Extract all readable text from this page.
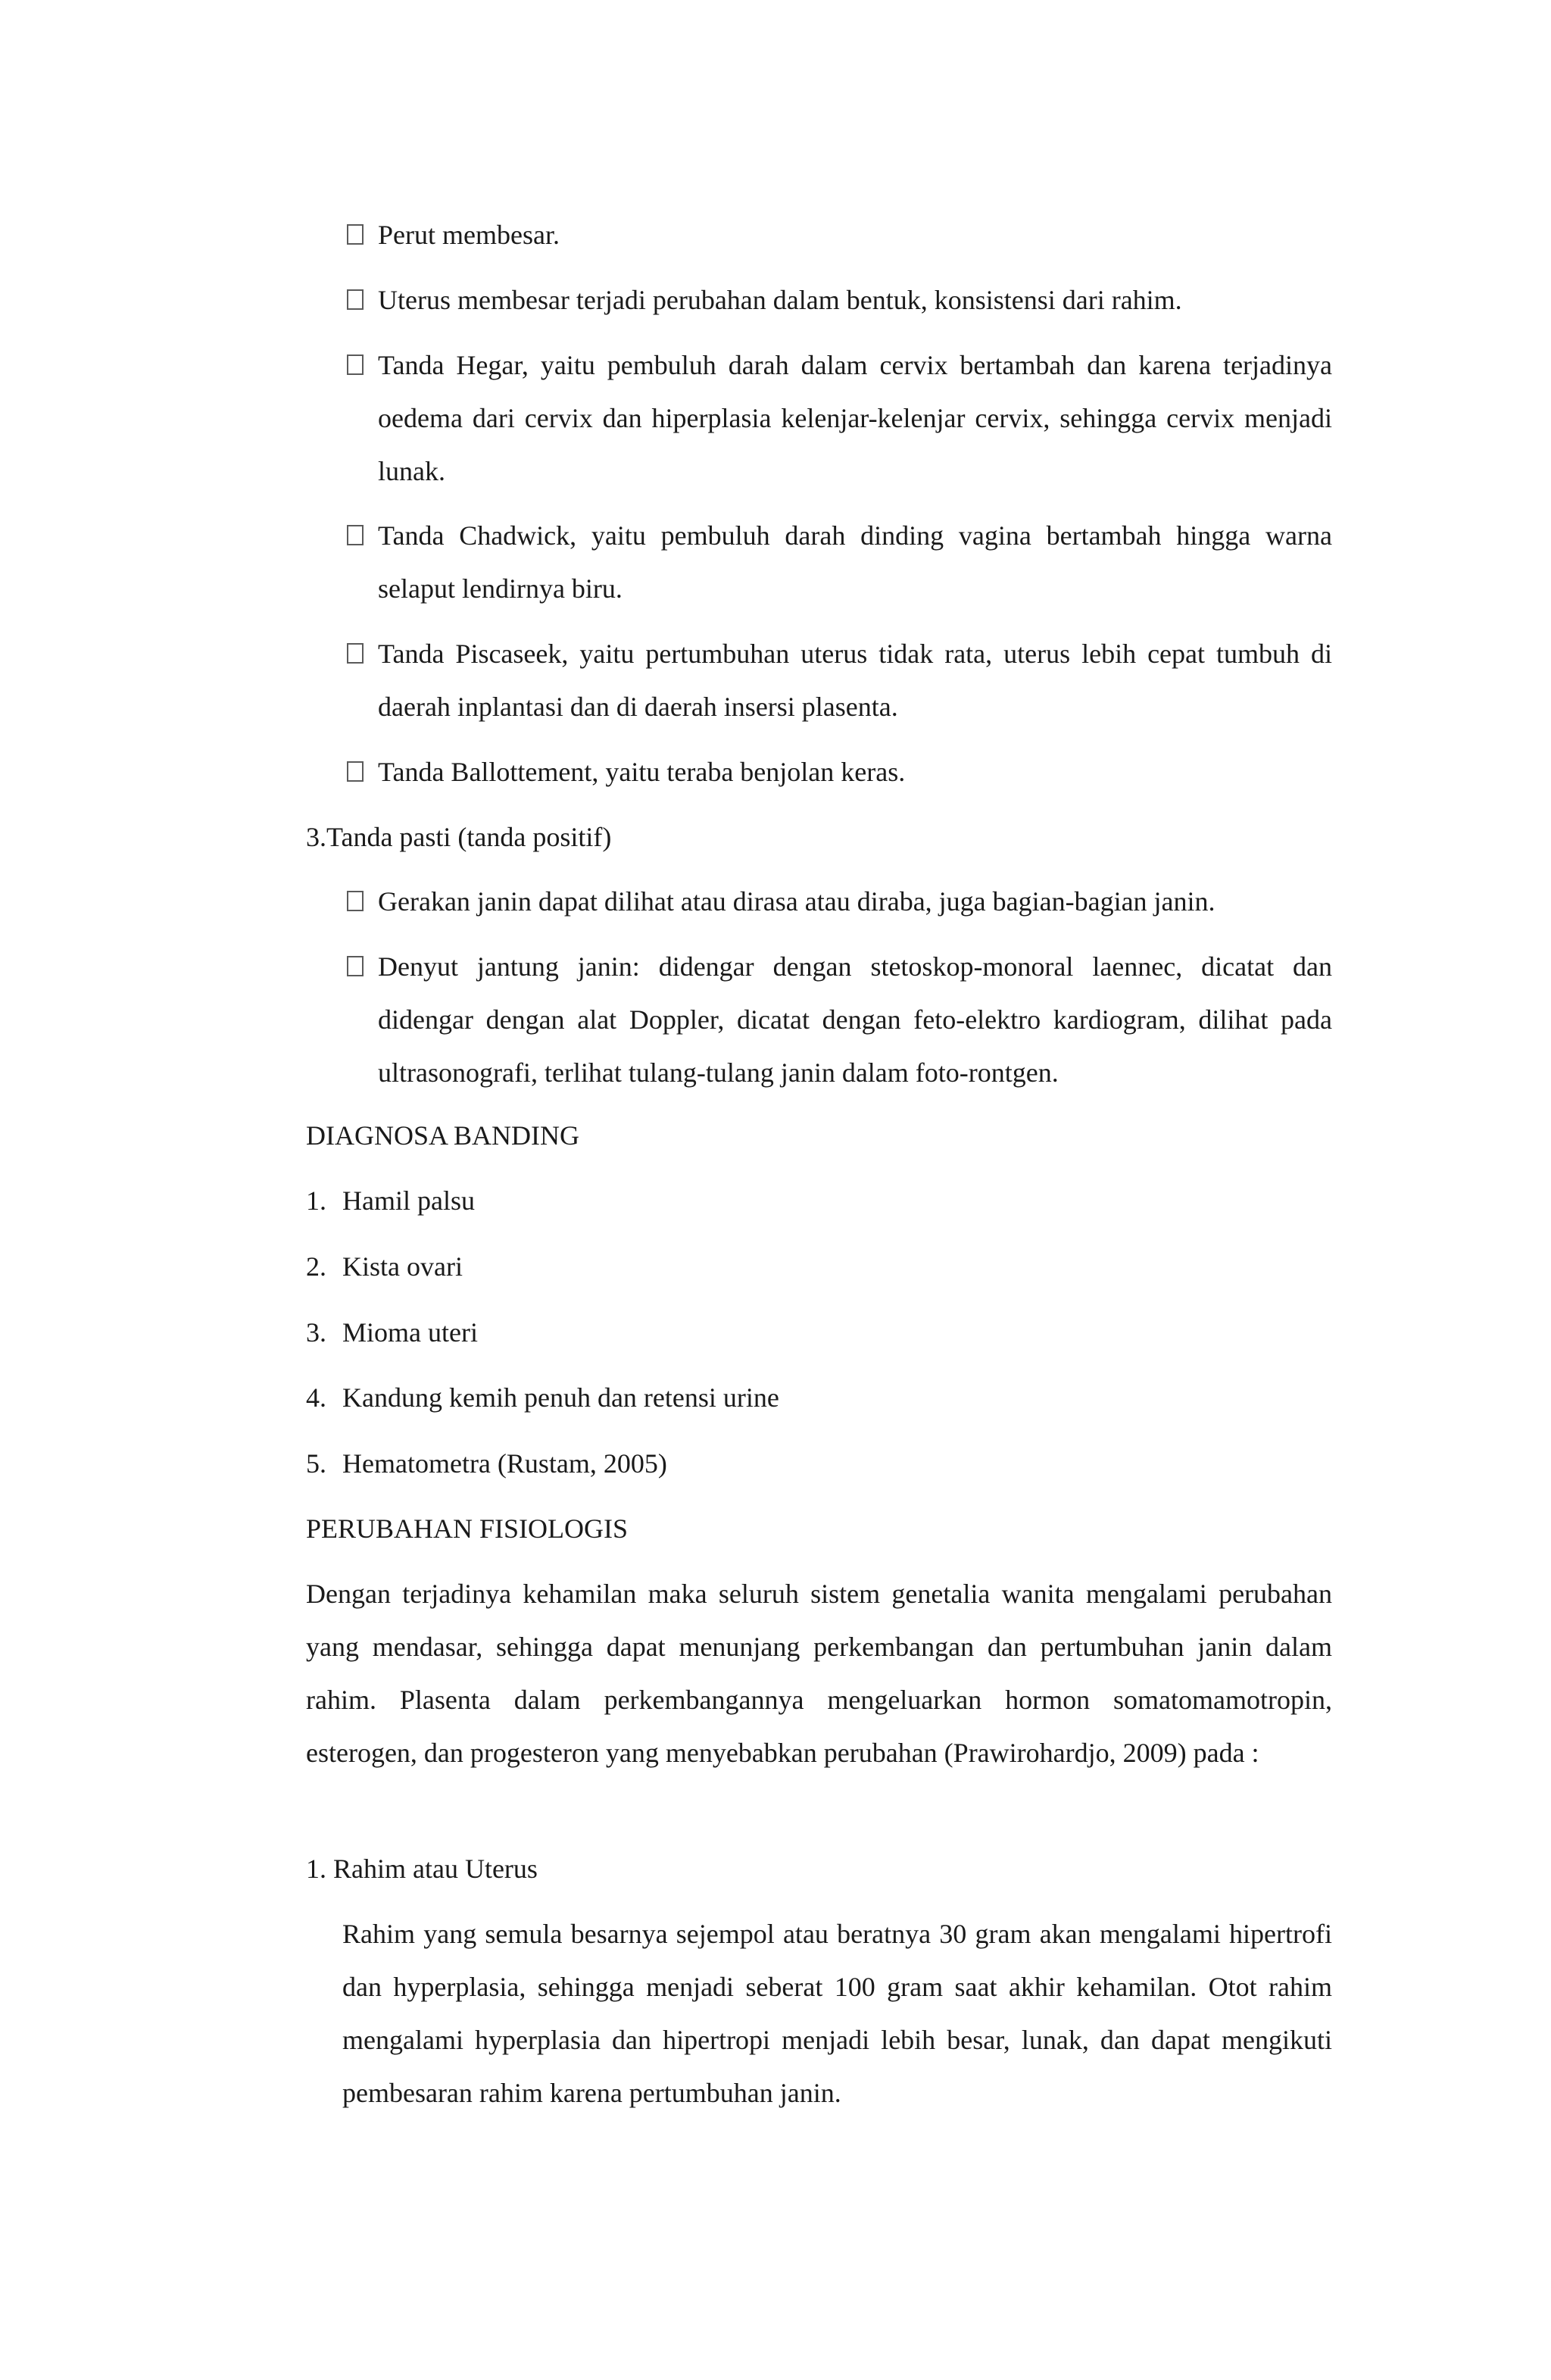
Perut membesar.
Uterus membesar terjadi perubahan dalam bentuk, konsistensi dari rahim.
Tanda Hegar, yaitu pembuluh darah dalam cervix bertambah dan karena terjadinya oedema dari cervix dan hiperplasia kelenjar-kelenjar cervix, sehingga cervix menjadi lunak.
Tanda Chadwick, yaitu pembuluh darah dinding vagina bertambah hingga warna selaput lendirnya biru.
Tanda Piscaseek, yaitu pertumbuhan uterus tidak rata, uterus lebih cepat tumbuh di daerah inplantasi dan di daerah insersi plasenta.
Tanda Ballottement, yaitu teraba benjolan keras.
3.Tanda pasti (tanda positif)
Gerakan janin dapat dilihat atau dirasa atau diraba, juga bagian-bagian janin.
Denyut jantung janin: didengar dengan stetoskop-monoral laennec, dicatat dan didengar dengan alat Doppler, dicatat dengan feto-elektro kardiogram, dilihat pada ultrasonografi, terlihat tulang-tulang janin dalam foto-rontgen.
DIAGNOSA BANDING
1. Hamil palsu
2. Kista ovari
3. Mioma uteri
4. Kandung kemih penuh dan retensi urine
5. Hematometra (Rustam, 2005)
PERUBAHAN FISIOLOGIS
Dengan terjadinya kehamilan maka seluruh sistem genetalia wanita mengalami perubahan yang mendasar, sehingga dapat menunjang perkembangan dan pertumbuhan janin dalam rahim. Plasenta dalam perkembangannya mengeluarkan hormon somatomamotropin, esterogen, dan progesteron yang menyebabkan perubahan (Prawirohardjo, 2009) pada :
1. Rahim atau Uterus
Rahim yang semula besarnya sejempol atau beratnya 30 gram akan mengalami hipertrofi dan hyperplasia, sehingga menjadi seberat 100 gram saat akhir kehamilan. Otot rahim mengalami hyperplasia dan hipertropi menjadi lebih besar, lunak, dan dapat mengikuti pembesaran rahim karena pertumbuhan janin.
